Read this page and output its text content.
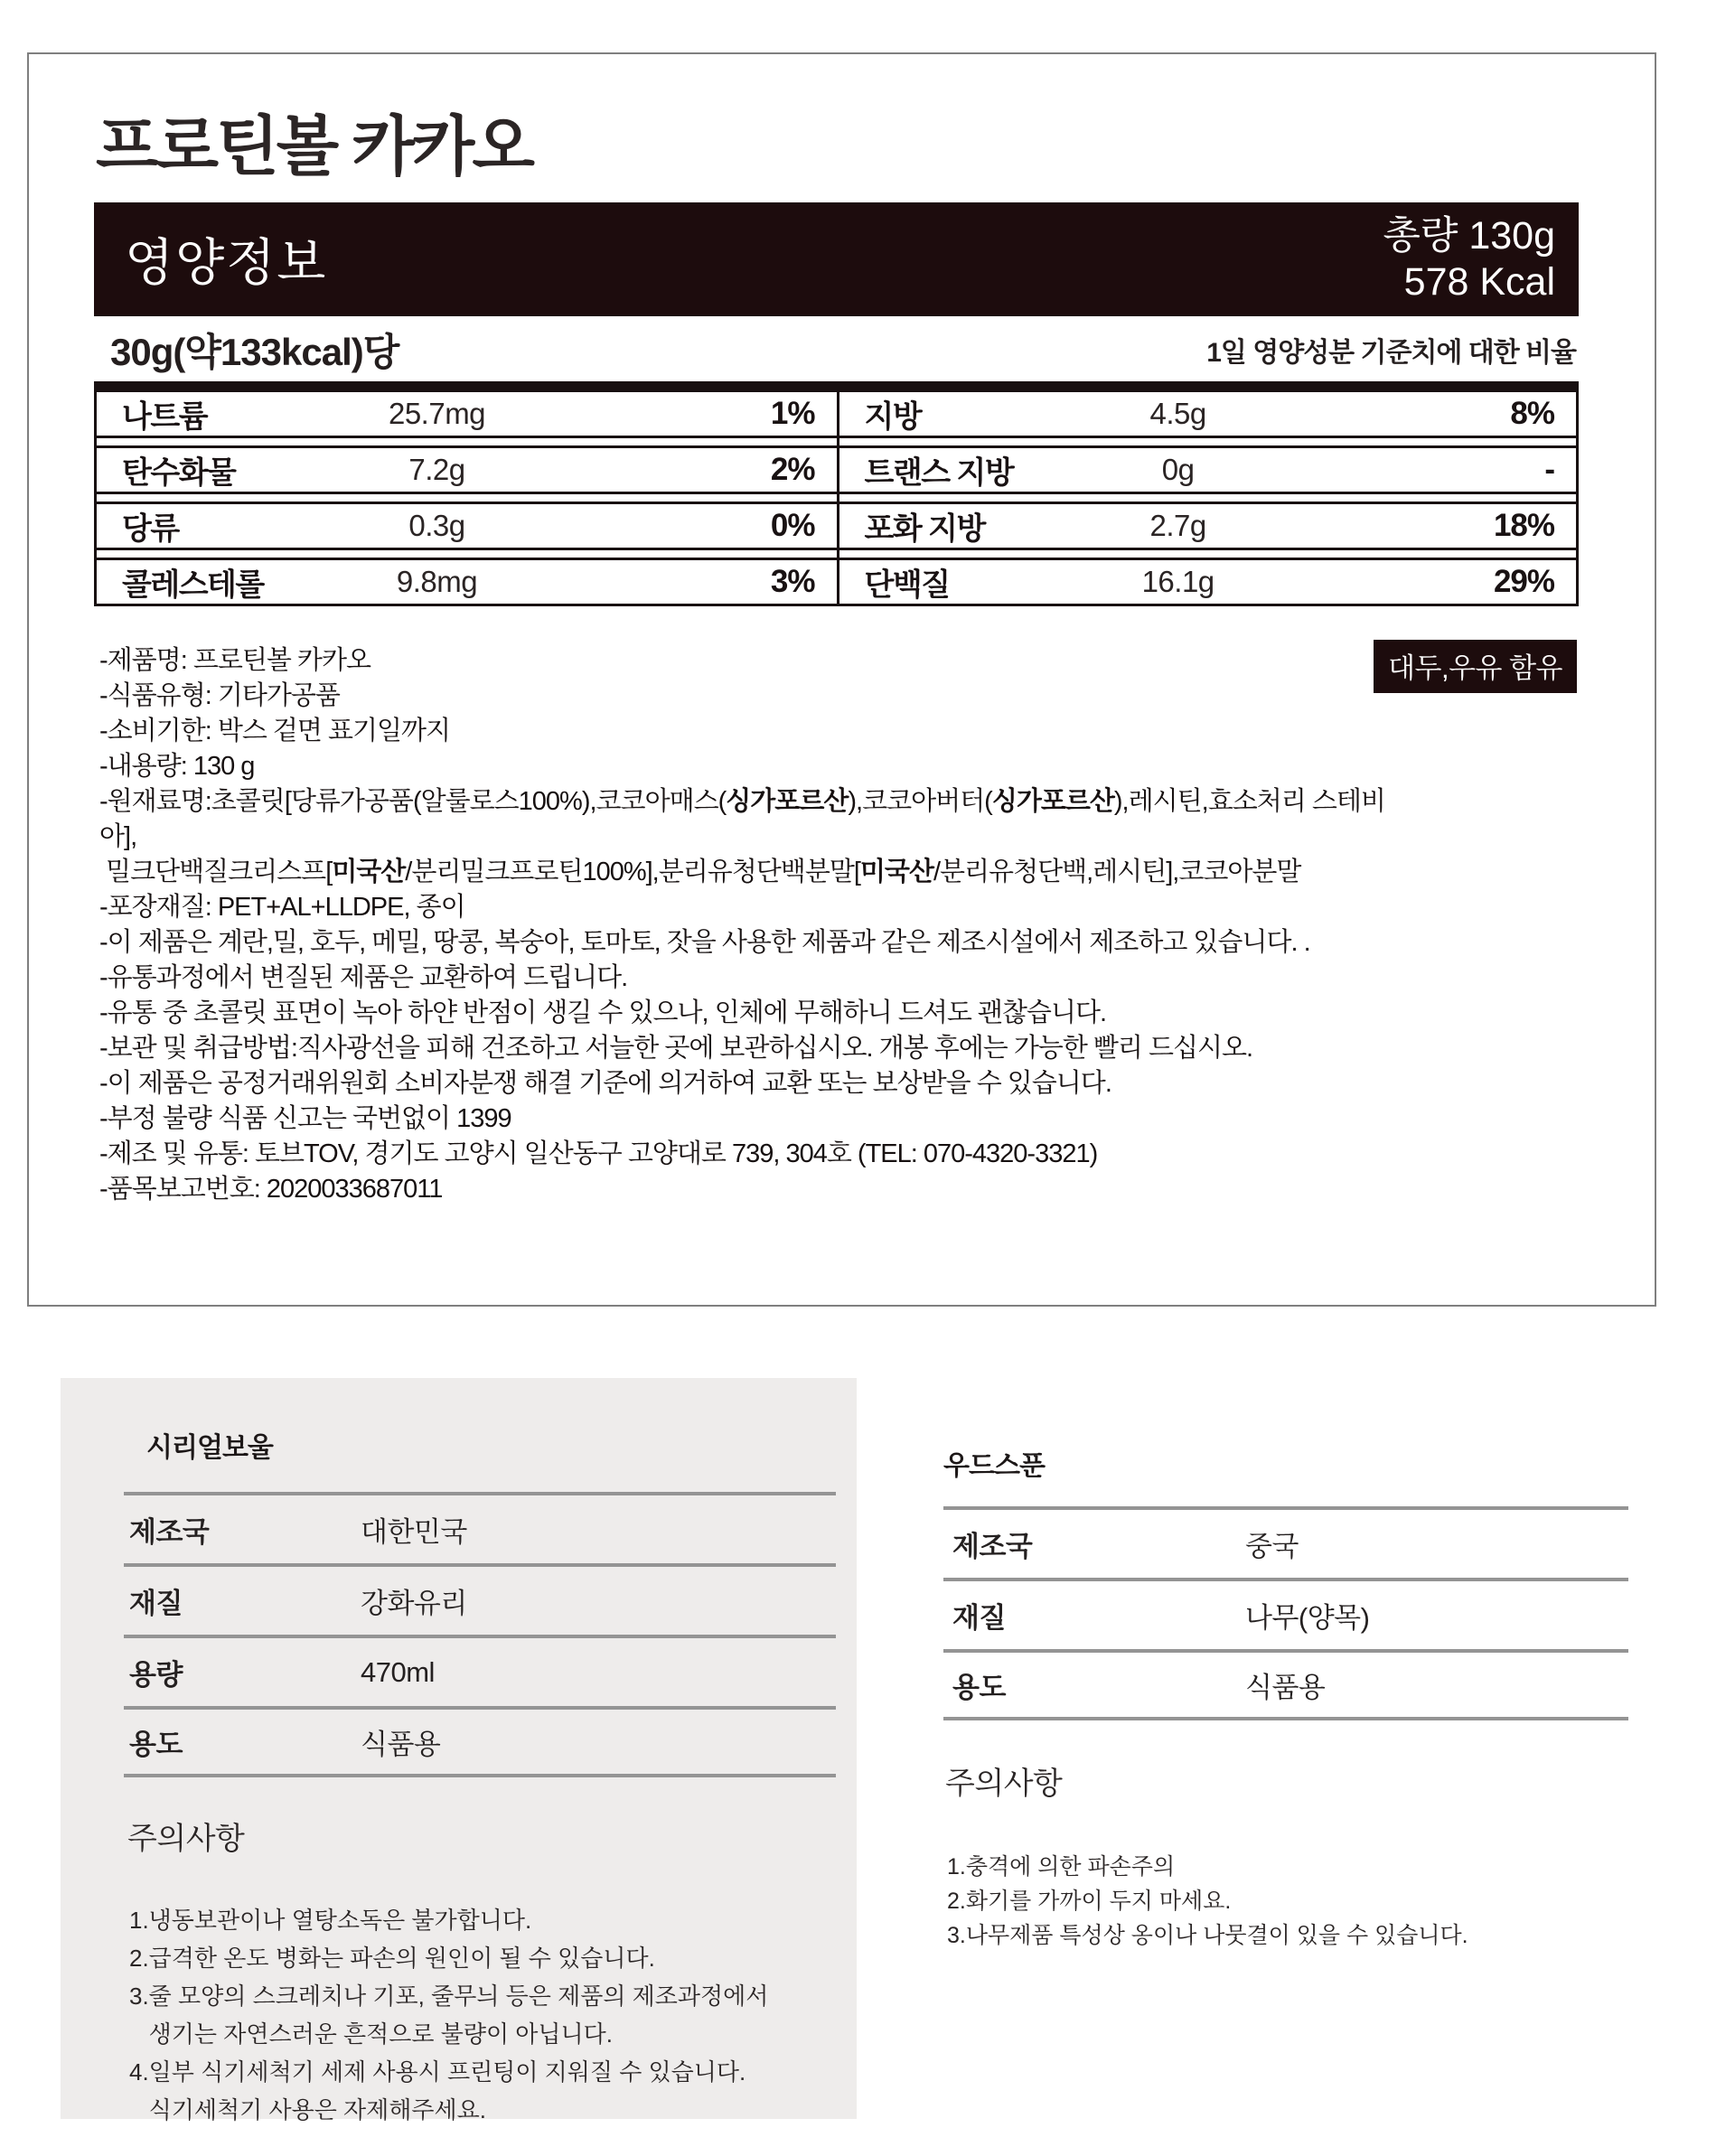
프로틴볼 카카오
영양정보	총량 130g
578 Kcal
30g(약133kcal)당	1일 영양성분 기준치에 대한 비율
나트륨	25.7mg	1%
탄수화물	7.2g	2%
당류	0.3g	0%
콜레스테롤	9.8mg	3%
지방	4.5g	8%
트랜스 지방	0g	-
포화 지방	2.7g	18%
단백질	16.1g	29%
대두,우유 함유
-제품명: 프로틴볼 카카오
-식품유형: 기타가공품
-소비기한: 박스 겉면 표기일까지
-내용량: 130 g
-원재료명:초콜릿[당류가공품(알룰로스100%),코코아매스(싱가포르산),코코아버터(싱가포르산),레시틴,효소처리 스테비아],
밀크단백질크리스프[미국산/분리밀크프로틴100%],분리유청단백분말[미국산/분리유청단백,레시틴],코코아분말
-포장재질: PET+AL+LLDPE, 종이
-이 제품은 계란,밀, 호두, 메밀, 땅콩, 복숭아, 토마토, 잣을 사용한 제품과 같은 제조시설에서 제조하고 있습니다. .
-유통과정에서 변질된 제품은 교환하여 드립니다.
-유통 중 초콜릿 표면이 녹아 하얀 반점이 생길 수 있으나, 인체에 무해하니 드셔도 괜찮습니다.
-보관 및 취급방법:직사광선을 피해 건조하고 서늘한 곳에 보관하십시오. 개봉 후에는 가능한 빨리 드십시오.
-이 제품은 공정거래위원회 소비자분쟁 해결 기준에 의거하여 교환 또는 보상받을 수 있습니다.
-부정 불량 식품 신고는 국번없이 1399
-제조 및 유통: 토브TOV, 경기도 고양시 일산동구 고양대로 739, 304호 (TEL: 070-4320-3321)
-품목보고번호: 2020033687011
시리얼보울
제조국	대한민국
재질	강화유리
용량	470ml
용도	식품용
주의사항
1.냉동보관이나 열탕소독은 불가합니다.
2.급격한 온도 병화는 파손의 원인이 될 수 있습니다.
3.줄 모양의 스크레치나 기포, 줄무늬 등은 제품의 제조과정에서
생기는 자연스러운 흔적으로 불량이 아닙니다.
4.일부 식기세척기 세제 사용시 프린팅이 지워질 수 있습니다.
식기세척기 사용은 자제해주세요.
우드스푼
제조국	중국
재질	나무(양목)
용도	식품용
주의사항
1.충격에 의한 파손주의
2.화기를 가까이 두지 마세요.
3.나무제품 특성상 옹이나 나뭇결이 있을 수 있습니다.
